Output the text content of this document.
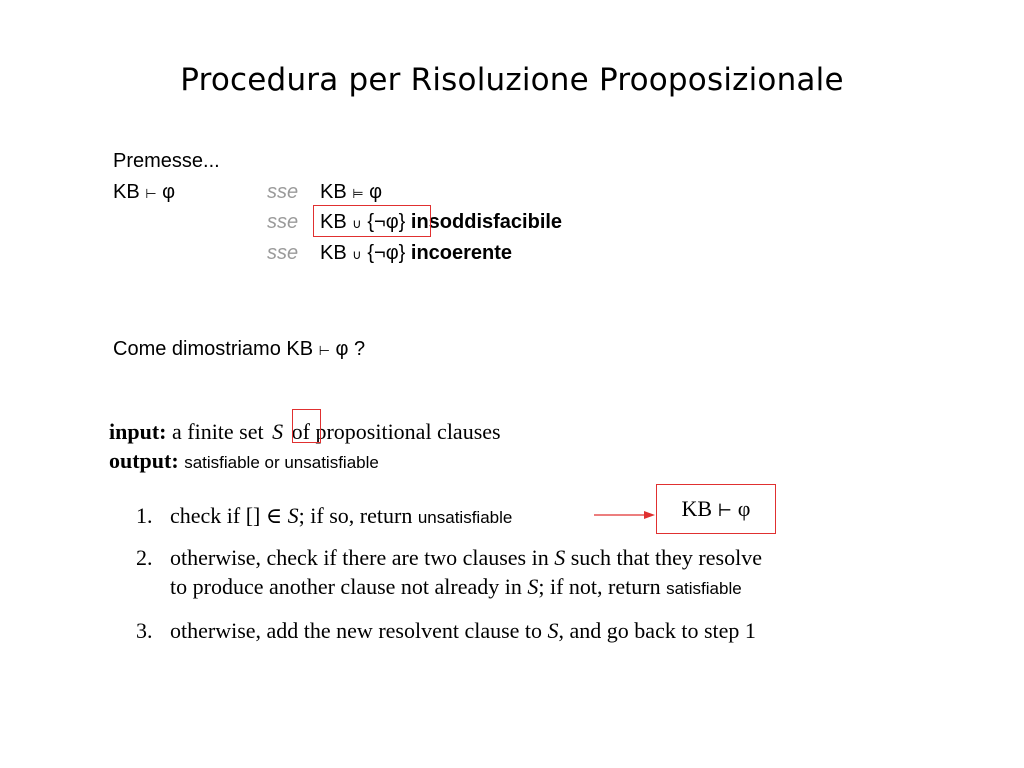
Procedura per Risoluzione Prooposizionale
Premesse...
KB ⊢ φ	sse KB ⊨ φ
sse KB ∪ {¬φ} insoddisfacibile
sse KB ∪ {¬φ} incoerente
Come dimostriamo KB ⊢ φ ?
input: a finite set S of propositional clauses
output: satisfiable or unsatisfiable
1. check if [] ∈ S; if so, return unsatisfiable
2. otherwise, check if there are two clauses in S such that they resolve
to produce another clause not already in S; if not, return satisfiable
3. otherwise, add the new resolvent clause to S, and go back to step 1
KB ⊢ φ
